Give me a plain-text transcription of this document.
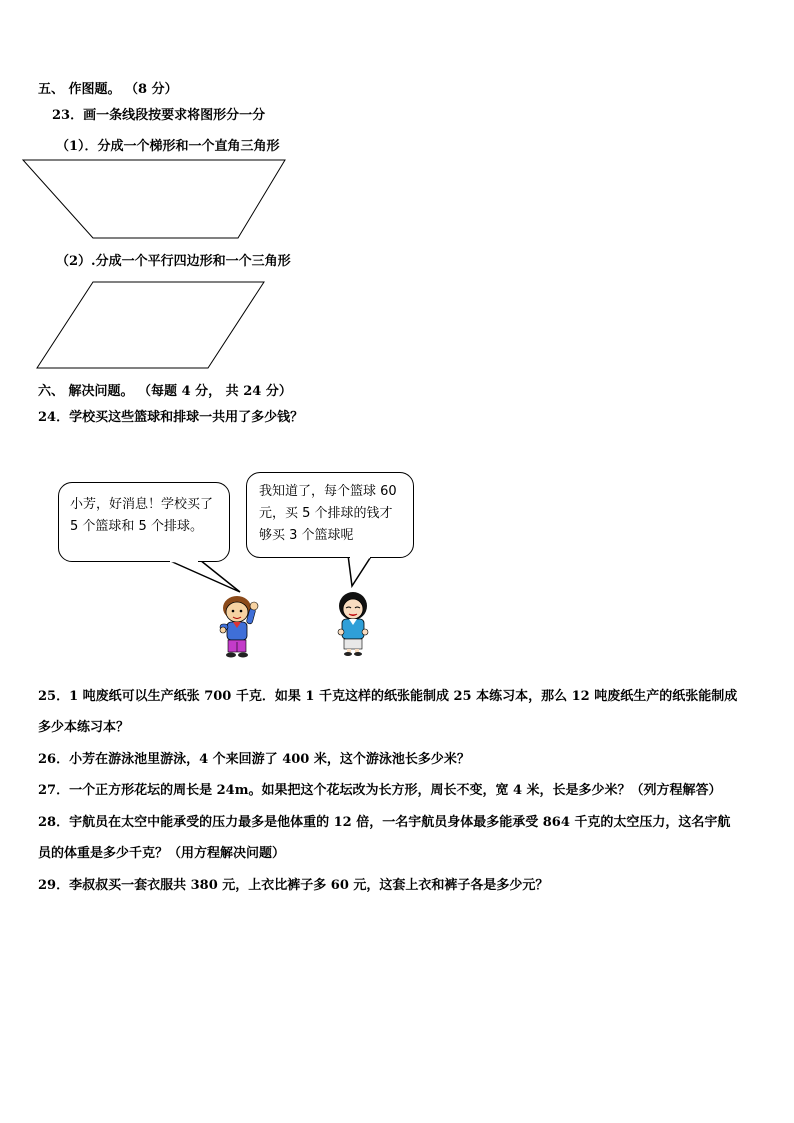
五、 作图题。 （8 分）
23．画一条线段按要求将图形分一分
（1）．分成一个梯形和一个直角三角形
（2）.分成一个平行四边形和一个三角形
六、 解决问题。 （每题 4 分， 共 24 分）
24．学校买这些篮球和排球一共用了多少钱？
小芳，好消息！学校买了
5 个篮球和 5 个排球。
我知道了，每个篮球 60
元，买 5 个排球的钱才
够买 3 个篮球呢
25．1 吨废纸可以生产纸张 700 千克．如果 1 千克这样的纸张能制成 25 本练习本，那么 12 吨废纸生产的纸张能制成
多少本练习本？
26．小芳在游泳池里游泳，4 个来回游了 400 米，这个游泳池长多少米？
27．一个正方形花坛的周长是 24m。如果把这个花坛改为长方形，周长不变，宽 4 米，长是多少米？（列方程解答）
28．宇航员在太空中能承受的压力最多是他体重的 12 倍，一名宇航员身体最多能承受 864 千克的太空压力，这名宇航
员的体重是多少千克？（用方程解决问题）
29．李叔叔买一套衣服共 380 元，上衣比裤子多 60 元，这套上衣和裤子各是多少元？
